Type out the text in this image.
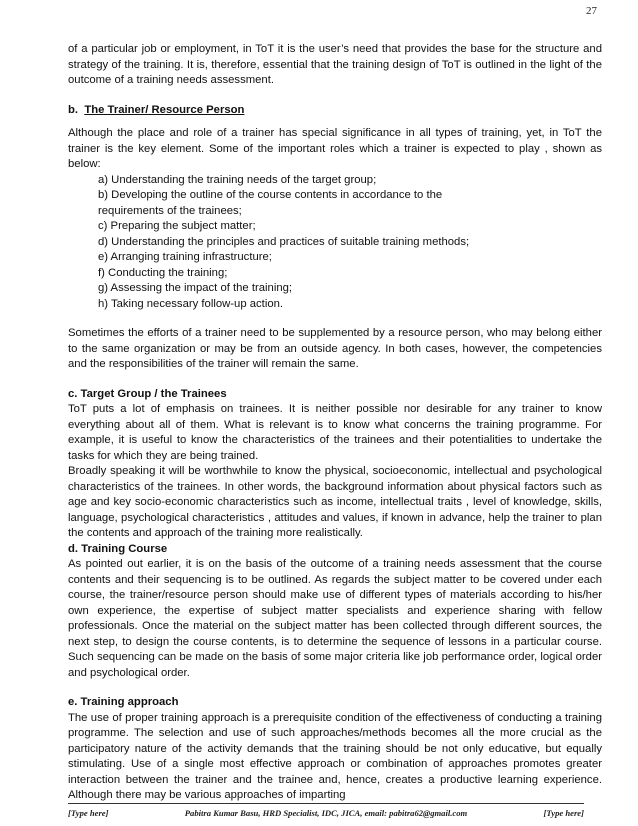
27

of a particular job or employment, in ToT it is the user’s need that provides the base for the structure and strategy of the training. It is, therefore, essential that the training design of ToT is outlined in the light of the outcome of a training needs assessment.

b. The Trainer/ Resource Person

Although the place and role of a trainer has special significance in all types of training, yet, in ToT the trainer is the key element. Some of the important roles which a trainer is expected to play , shown as below:

a) Understanding the training needs of the target group;
b) Developing the outline of the course contents in accordance to the
requirements of the trainees;
c) Preparing the subject matter;
d) Understanding the principles and practices of suitable training methods;
e) Arranging training infrastructure;
f) Conducting the training;
g) Assessing the impact of the training;
h) Taking necessary follow-up action.

Sometimes the efforts of a trainer need to be supplemented by a resource person, who may belong either to the same organization or may be from an outside agency. In both cases, however, the competencies and the responsibilities of the trainer will remain the same.

c. Target Group / the Trainees

ToT puts a lot of emphasis on trainees. It is neither possible nor desirable for any trainer to know everything about all of them. What is relevant is to know what concerns the training programme. For example, it is useful to know the characteristics of the trainees and their potentialities to undertake the tasks for which they are being trained.

Broadly speaking it will be worthwhile to know the physical, socioeconomic, intellectual and psychological characteristics of the trainees. In other words, the background information about physical factors such as age and key socio-economic characteristics such as income, intellectual traits , level of knowledge, skills, language, psychological characteristics , attitudes and values, if known in advance, help the trainer to plan the contents and approach of the training more realistically.

d. Training Course

As pointed out earlier, it is on the basis of the outcome of a training needs assessment that the course contents and their sequencing is to be outlined. As regards the subject matter to be covered under each course, the trainer/resource person should make use of different types of materials according to his/her own experience, the expertise of subject matter specialists and experience sharing with fellow professionals. Once the material on the subject matter has been collected through different sources, the next step, to design the course contents, is to determine the sequence of lessons in a particular course. Such sequencing can be made on the basis of some major criteria like job performance order, logical order and psychological order.

e. Training approach

The use of proper training approach is a prerequisite condition of the effectiveness of conducting a training programme. The selection and use of such approaches/methods becomes all the more crucial as the participatory nature of the activity demands that the training should be not only educative, but equally stimulating. Use of a single most effective approach or combination of approaches promotes greater interaction between the trainer and the trainee and, hence, creates a productive learning experience. Although there may be various approaches of imparting

[Type here]	Pabitra Kumar Basu, HRD Specialist, IDC, JICA, email: pabitra62@gmail.com	[Type here]
